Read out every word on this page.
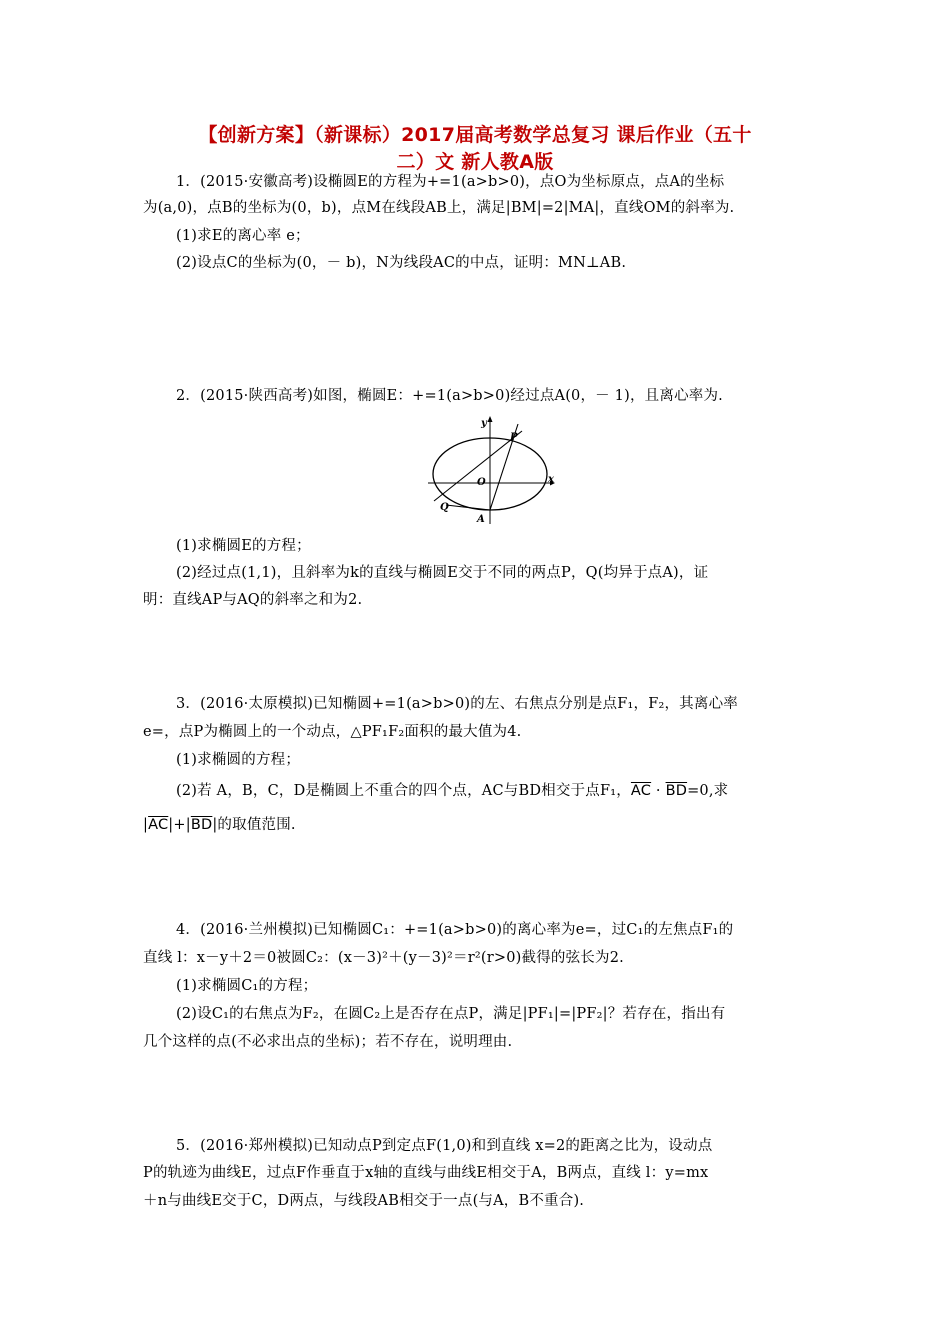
【创新方案】（新课标）2017届高考数学总复习 课后作业（五十
二）文 新人教A版
1．(2015·安徽高考)设椭圆E的方程为+=1(a>b>0)，点O为坐标原点，点A的坐标
为(a,0)，点B的坐标为(0，b)，点M在线段AB上，满足|BM|=2|MA|，直线OM的斜率为.
(1)求E的离心率 e；
(2)设点C的坐标为(0，－ b)，N为线段AC的中点，证明：MN⊥AB.
2．(2015·陕西高考)如图，椭圆E：+=1(a>b>0)经过点A(0，－ 1)，且离心率为.
y
x
P
O
Q
A
(1)求椭圆E的方程；
(2)经过点(1,1)，且斜率为k的直线与椭圆E交于不同的两点P，Q(均异于点A)，证
明：直线AP与AQ的斜率之和为2.
3．(2016·太原模拟)已知椭圆+=1(a>b>0)的左、右焦点分别是点F₁，F₂，其离心率
e=，点P为椭圆上的一个动点，△PF₁F₂面积的最大值为4.
(1)求椭圆的方程；
(2)若 A，B，C，D是椭圆上不重合的四个点，AC与BD相交于点F₁，$\overline{AC} \cdot \overline{BD}=0$,求
$|\overline{AC}|+|\overline{BD}|$的取值范围.
4．(2016·兰州模拟)已知椭圆C₁：+=1(a>b>0)的离心率为e=，过C₁的左焦点F₁的
直线 l：x－y＋2＝0被圆C₂：(x－3)²＋(y－3)²＝r²(r>0)截得的弦长为2.
(1)求椭圆C₁的方程；
(2)设C₁的右焦点为F₂，在圆C₂上是否存在点P，满足|PF₁|=|PF₂|？若存在，指出有
几个这样的点(不必求出点的坐标)；若不存在，说明理由.
5．(2016·郑州模拟)已知动点P到定点F(1,0)和到直线 x=2的距离之比为，设动点
P的轨迹为曲线E，过点F作垂直于x轴的直线与曲线E相交于A，B两点，直线 l：y=mx
＋n与曲线E交于C，D两点，与线段AB相交于一点(与A，B不重合).
